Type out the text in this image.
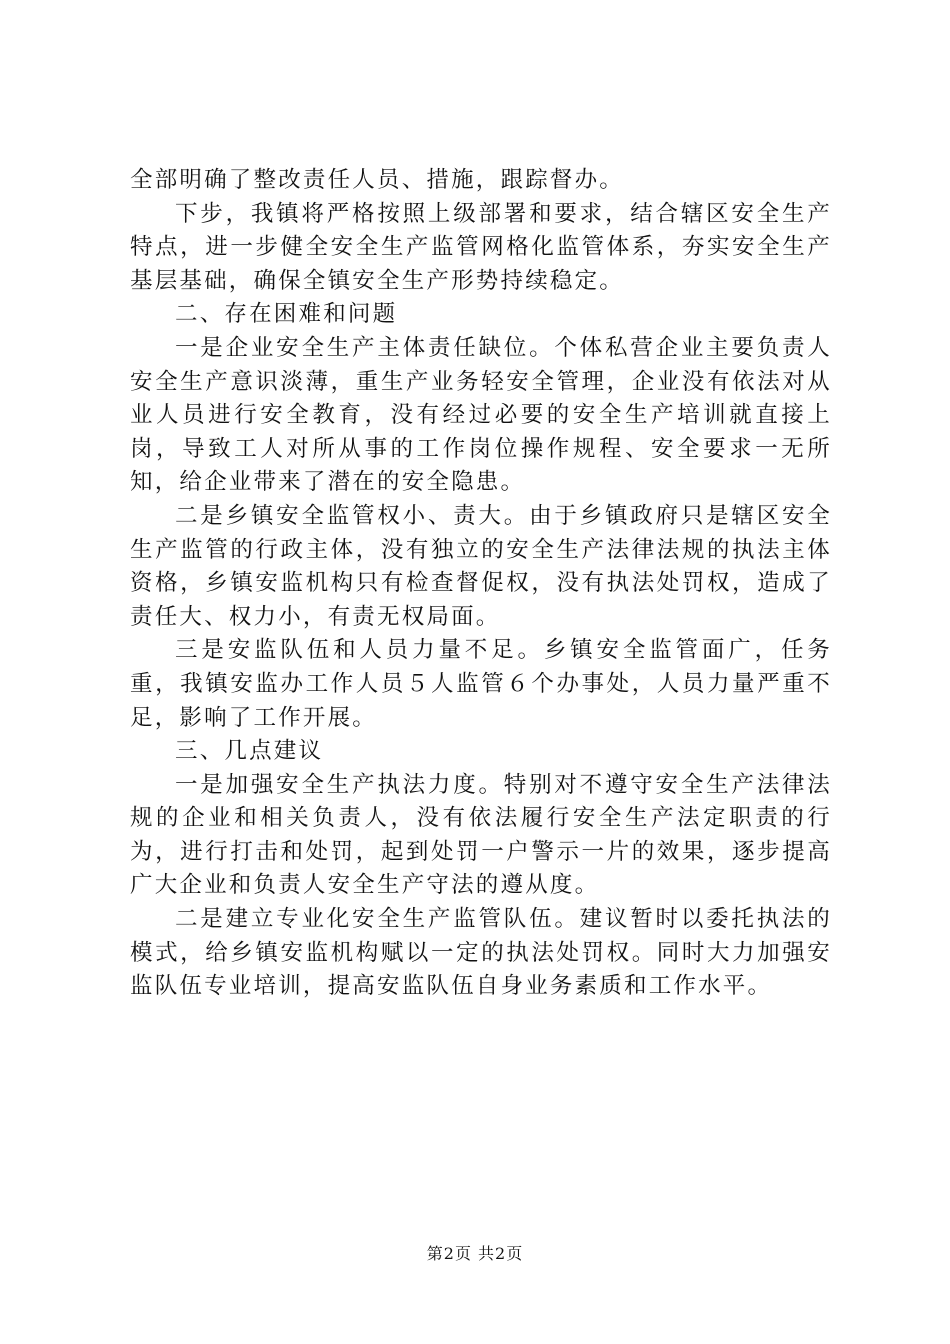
全部明确了整改责任人员、措施，跟踪督办。

下步，我镇将严格按照上级部署和要求，结合辖区安全生产特点，进一步健全安全生产监管网格化监管体系，夯实安全生产基层基础，确保全镇安全生产形势持续稳定。

二、存在困难和问题

一是企业安全生产主体责任缺位。个体私营企业主要负责人安全生产意识淡薄，重生产业务轻安全管理，企业没有依法对从业人员进行安全教育，没有经过必要的安全生产培训就直接上岗，导致工人对所从事的工作岗位操作规程、安全要求一无所知，给企业带来了潜在的安全隐患。

二是乡镇安全监管权小、责大。由于乡镇政府只是辖区安全生产监管的行政主体，没有独立的安全生产法律法规的执法主体资格，乡镇安监机构只有检查督促权，没有执法处罚权，造成了责任大、权力小，有责无权局面。

三是安监队伍和人员力量不足。乡镇安全监管面广，任务重，我镇安监办工作人员５人监管６个办事处，人员力量严重不足，影响了工作开展。

三、几点建议

一是加强安全生产执法力度。特别对不遵守安全生产法律法规的企业和相关负责人，没有依法履行安全生产法定职责的行为，进行打击和处罚，起到处罚一户警示一片的效果，逐步提高广大企业和负责人安全生产守法的遵从度。

二是建立专业化安全生产监管队伍。建议暂时以委托执法的模式，给乡镇安监机构赋以一定的执法处罚权。同时大力加强安监队伍专业培训，提高安监队伍自身业务素质和工作水平。

第2页 共2页
